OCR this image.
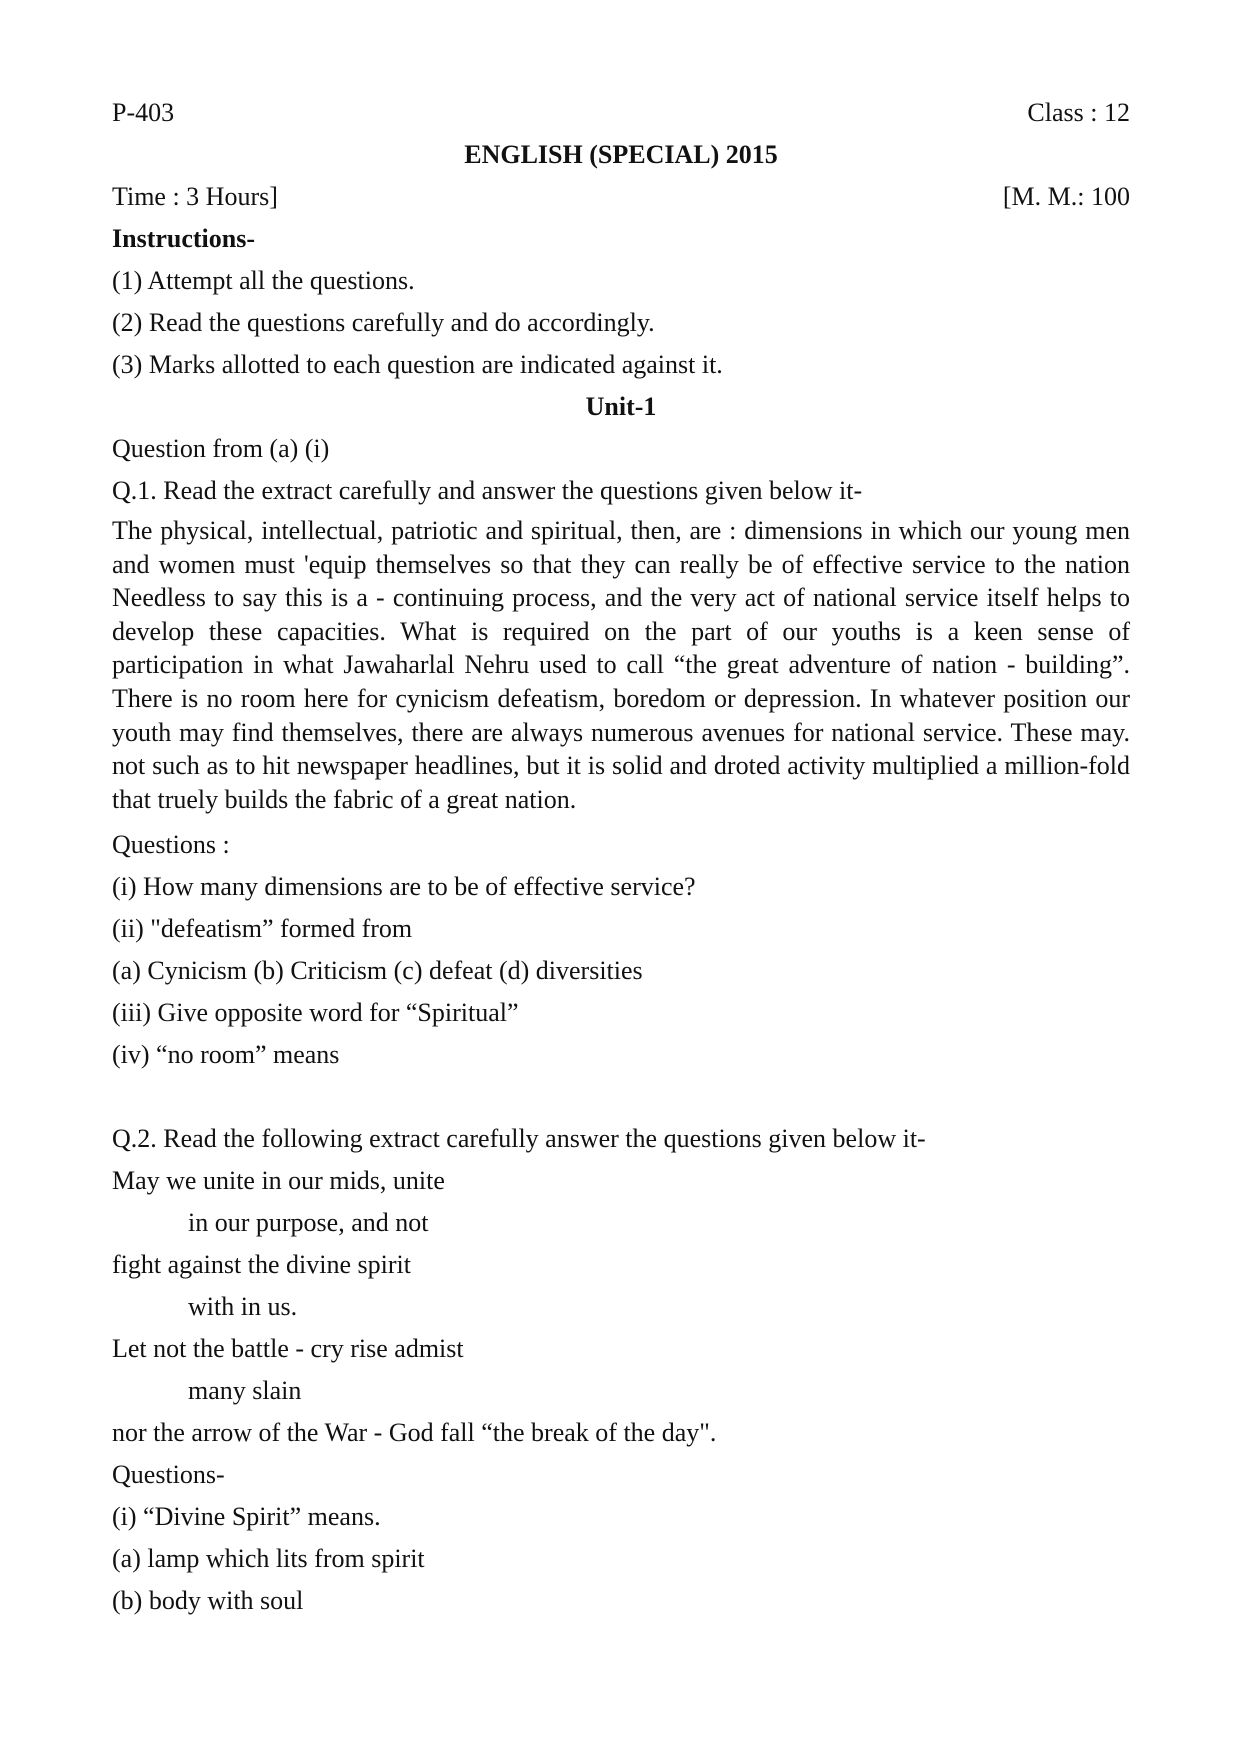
P-403	Class : 12
ENGLISH (SPECIAL) 2015
Time : 3 Hours]	[M. M.: 100
Instructions-
(1) Attempt all the questions.
(2) Read the questions carefully and do accordingly.
(3) Marks allotted to each question are indicated against it.
Unit-1
Question from (a) (i)
Q.1. Read the extract carefully and answer the questions given below it-
The physical, intellectual, patriotic and spiritual, then, are : dimensions in which our young men and women must 'equip themselves so that they can really be of effective service to the nation Needless to say this is a - continuing process, and the very act of national service itself helps to develop these capacities. What is required on the part of our youths is a keen sense of participation in what Jawaharlal Nehru used to call “the great adventure of nation - building”. There is no room here for cynicism defeatism, boredom or depression. In whatever position our youth may find themselves, there are always numerous avenues for national service. These may. not such as to hit newspaper headlines, but it is solid and droted activity multiplied a million-fold that truely builds the fabric of a great nation.
Questions :
(i) How many dimensions are to be of effective service?
(ii) "defeatism” formed from
(a) Cynicism (b) Criticism (c) defeat (d) diversities
(iii) Give opposite word for “Spiritual”
(iv) “no room” means
Q.2. Read the following extract carefully answer the questions given below it-
May we unite in our mids, unite
in our purpose, and not
fight against the divine spirit
with in us.
Let not the battle - cry rise admist
many slain
nor the arrow of the War - God fall “the break of the day".
Questions-
(i) “Divine Spirit” means.
(a) lamp which lits from spirit
(b) body with soul
